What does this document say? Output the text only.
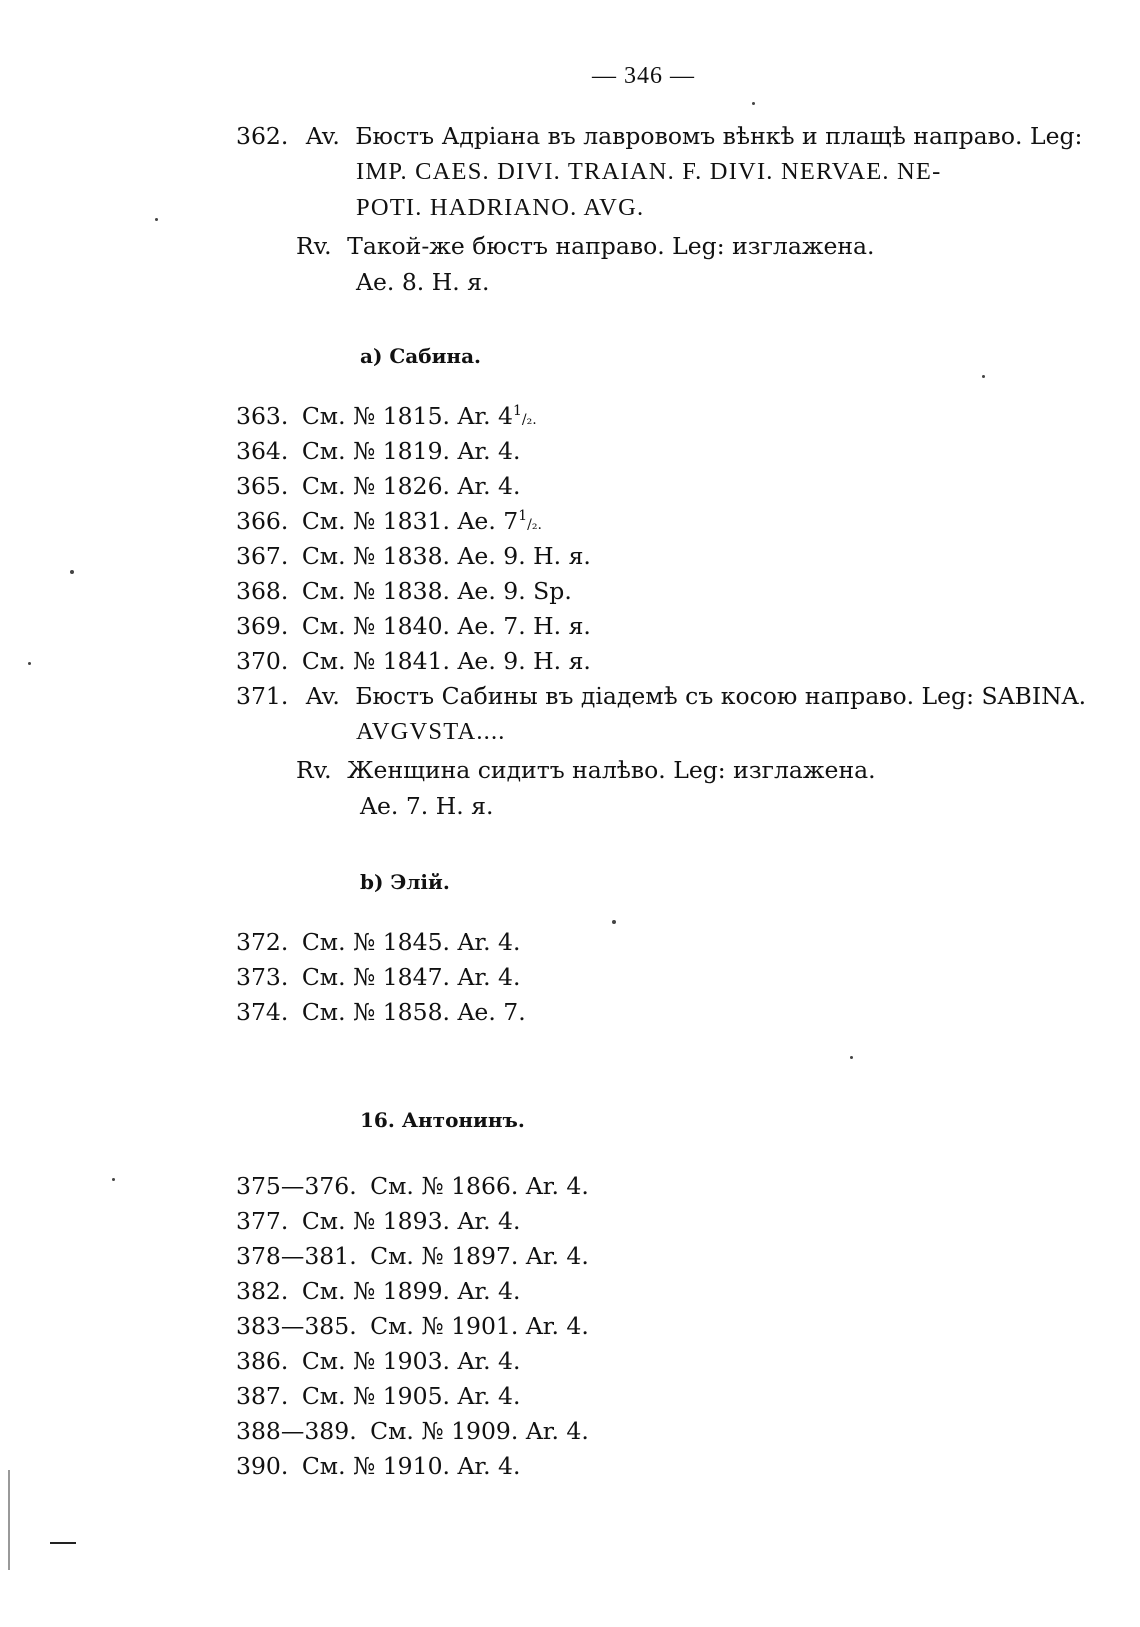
— 346 —
362. Av. Бюстъ Адріана въ лавровомъ вѣнкѣ и плащѣ направо. Leg:
IMP. CAES. DIVI. TRAIAN. F. DIVI. NERVAE. NE-
POTI. HADRIANO. AVG.
Rv. Такой-же бюстъ направо. Leg: изглажена.
Ae. 8. Н. я.
a) Сабина.
363. См. № 1815. Ar. $4^1/_2$.
364. См. № 1819. Ar. 4.
365. См. № 1826. Ar. 4.
366. См. № 1831. Ae. $7^1/_2$.
367. См. № 1838. Ae. 9. Н. я.
368. См. № 1838. Ae. 9. Sp.
369. См. № 1840. Ae. 7. Н. я.
370. См. № 1841. Ae. 9. Н. я.
371. Av. Бюстъ Сабины въ діадемѣ съ косою направо. Leg: SABINA.
AVGVSTA....
Rv. Женщина сидитъ налѣво. Leg: изглажена.
Ae. 7. Н. я.
b) Элій.
372. См. № 1845. Ar. 4.
373. См. № 1847. Ar. 4.
374. См. № 1858. Ae. 7.
16. Антонинъ.
375—376. См. № 1866. Ar. 4.
377. См. № 1893. Ar. 4.
378—381. См. № 1897. Ar. 4.
382. См. № 1899. Ar. 4.
383—385. См. № 1901. Ar. 4.
386. См. № 1903. Ar. 4.
387. См. № 1905. Ar. 4.
388—389. См. № 1909. Ar. 4.
390. См. № 1910. Ar. 4.
